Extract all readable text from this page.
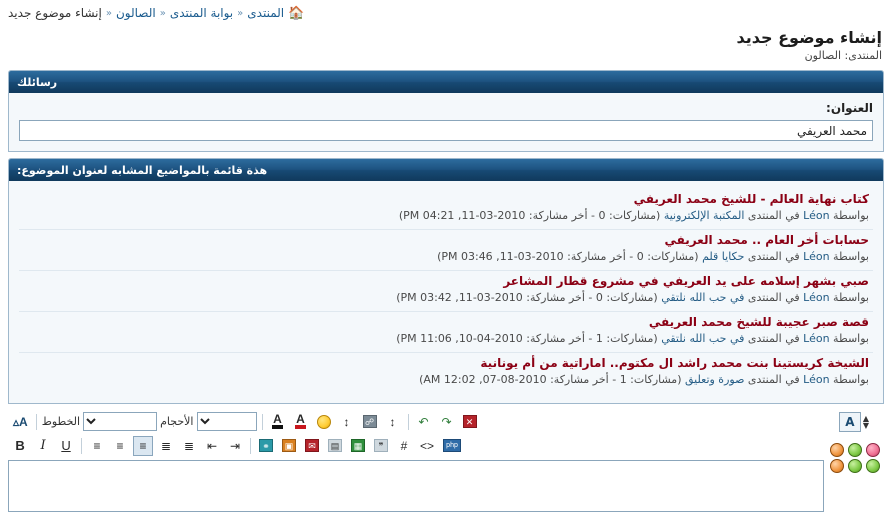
🏠
المنتدى
«
بوابة المنتدى
«
الصالون
«
إنشاء موضوع جديد
إنشاء موضوع جديد
المنتدى: الصالون
رسائلك
العنوان:
محمد العريفي
هذة قائمة بالمواضيع المشابه لعنوان الموضوع:
كتاب نهاية العالم - للشيخ محمد العريفي
بواسطة Léon في المنتدى المكتبة الإلكترونية (مشاركات: 0 - أخر مشاركة: 2010-03-11, 04:21 PM)
حسابات أخر العام .. محمد العريفي
بواسطة Léon في المنتدى حكايا قلم (مشاركات: 0 - أخر مشاركة: 2010-03-11, 03:46 PM)
صبي بشهر إسلامه على يد العريفي في مشروع قطار المشاعر
بواسطة Léon في المنتدى في حب الله نلتقي (مشاركات: 0 - أخر مشاركة: 2010-03-11, 03:42 PM)
قصة صبر عجيبة للشيخ محمد العريفي
بواسطة Léon في المنتدى في حب الله نلتقي (مشاركات: 1 - أخر مشاركة: 2010-04-10, 11:06 PM)
الشيخة كريستينا بنت محمد راشد ال مكتوم.. اماراتية من أم يونانية
بواسطة Léon في المنتدى صورة وتعليق (مشاركات: 1 - أخر مشاركة: 2010-08-07, 12:02 AM)
A▵ الخطوط	الأحجام	A A	↕	☍	↕	↶	↷	✕
B	I	U	≡	≡	≡	≣	≣	⇤	⇥	⚭	▣	✉	▤	▦	❞	#	<>	php
A ▲
▼
